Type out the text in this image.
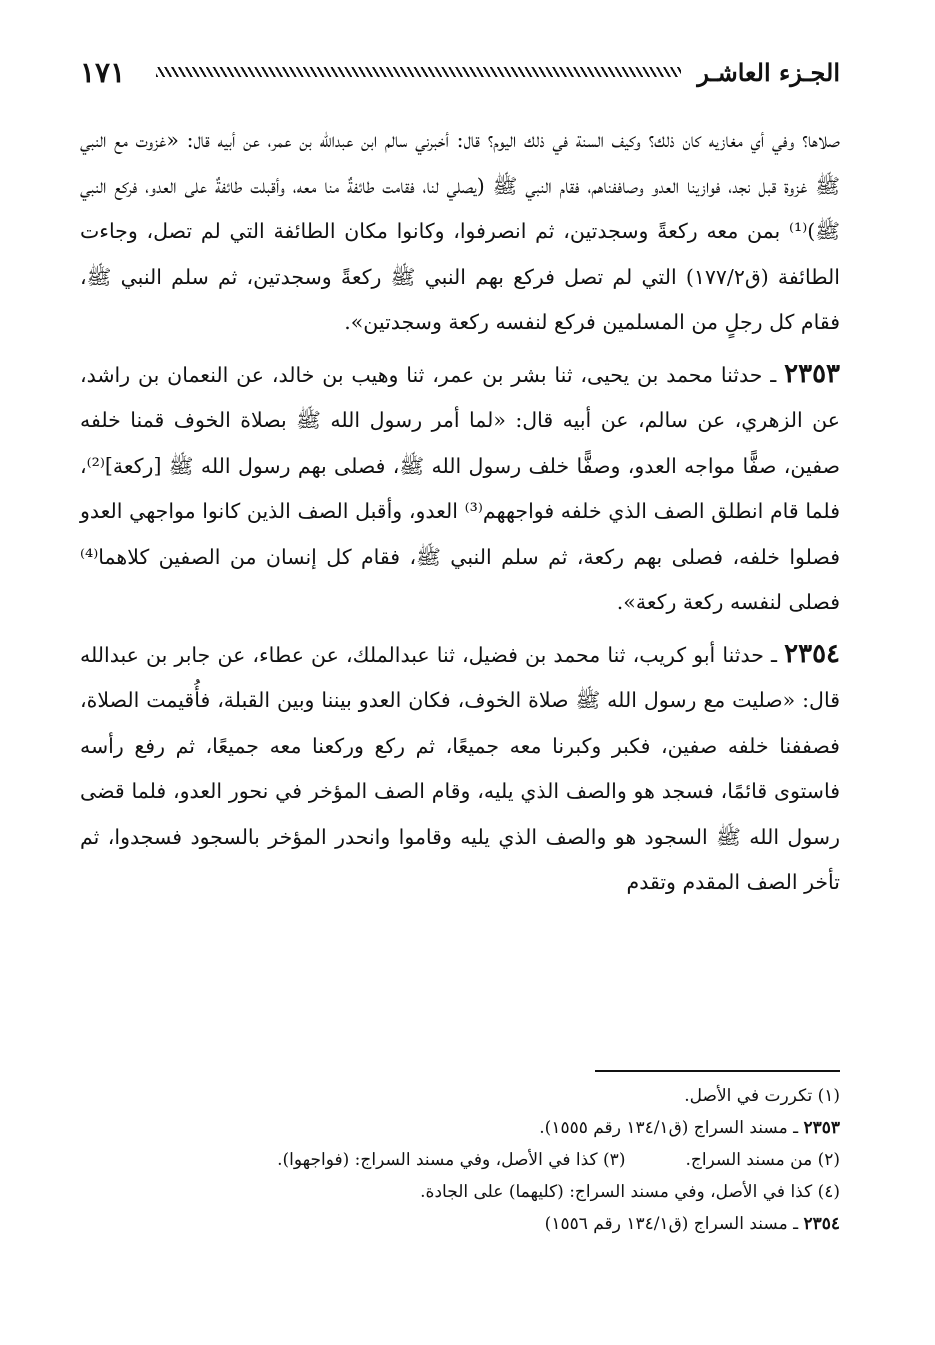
١٧١	الجـزء العاشـر

صلاها؟ وفي أي مغازيه كان ذلك؟ وكيف السنة في ذلك اليوم؟ قال: أخبرني سالم ابن عبدالله بن عمر، عن أبيه قال: «غزوت مع النبي ﷺ غزوة قبل نجد، فوازينا العدو وصاففناهم، فقام النبي ﷺ (يصلي لنا، فقامت طائفةٌ منا معه، وأقبلت طائفةٌ على العدو، فركع النبي ﷺ)⁽¹⁾ بمن معه ركعةً وسجدتين، ثم انصرفوا، وكانوا مكان الطائفة التي لم تصل، وجاءت الطائفة (ق١٧٧/٢) التي لم تصل فركع بهم النبي ﷺ ركعةً وسجدتين، ثم سلم النبي ﷺ، فقام كل رجلٍ من المسلمين فركع لنفسه ركعة وسجدتين».

٢٣٥٣ ـ حدثنا محمد بن يحيى، ثنا بشر بن عمر، ثنا وهيب بن خالد، عن النعمان بن راشد، عن الزهري، عن سالم، عن أبيه قال: «لما أمر رسول الله ﷺ بصلاة الخوف قمنا خلفه صفين، صفًّا مواجه العدو، وصفًّا خلف رسول الله ﷺ، فصلى بهم رسول الله ﷺ [ركعة]⁽²⁾، فلما قام انطلق الصف الذي خلفه فواجههم⁽³⁾ العدو، وأقبل الصف الذين كانوا مواجهي العدو فصلوا خلفه، فصلى بهم ركعة، ثم سلم النبي ﷺ، فقام كل إنسان من الصفين كلاهما⁽⁴⁾ فصلى لنفسه ركعة ركعة».

٢٣٥٤ ـ حدثنا أبو كريب، ثنا محمد بن فضيل، ثنا عبدالملك، عن عطاء، عن جابر بن عبدالله قال: «صليت مع رسول الله ﷺ صلاة الخوف، فكان العدو بيننا وبين القبلة، فأُقيمت الصلاة، فصففنا خلفه صفين، فكبر وكبرنا معه جميعًا، ثم ركع وركعنا معه جميعًا، ثم رفع رأسه فاستوى قائمًا، فسجد هو والصف الذي يليه، وقام الصف المؤخر في نحور العدو، فلما قضى رسول الله ﷺ السجود هو والصف الذي يليه وقاموا وانحدر المؤخر بالسجود فسجدوا، ثم تأخر الصف المقدم وتقدم

(١) تكررت في الأصل.
٢٣٥٣ ـ مسند السراج (ق١٣٤/١ رقم ١٥٥٥).
(٢) من مسند السراج.
(٣) كذا في الأصل، وفي مسند السراج: (فواجهوا).
(٤) كذا في الأصل، وفي مسند السراج: (كليهما) على الجادة.
٢٣٥٤ ـ مسند السراج (ق١٣٤/١ رقم ١٥٥٦)
